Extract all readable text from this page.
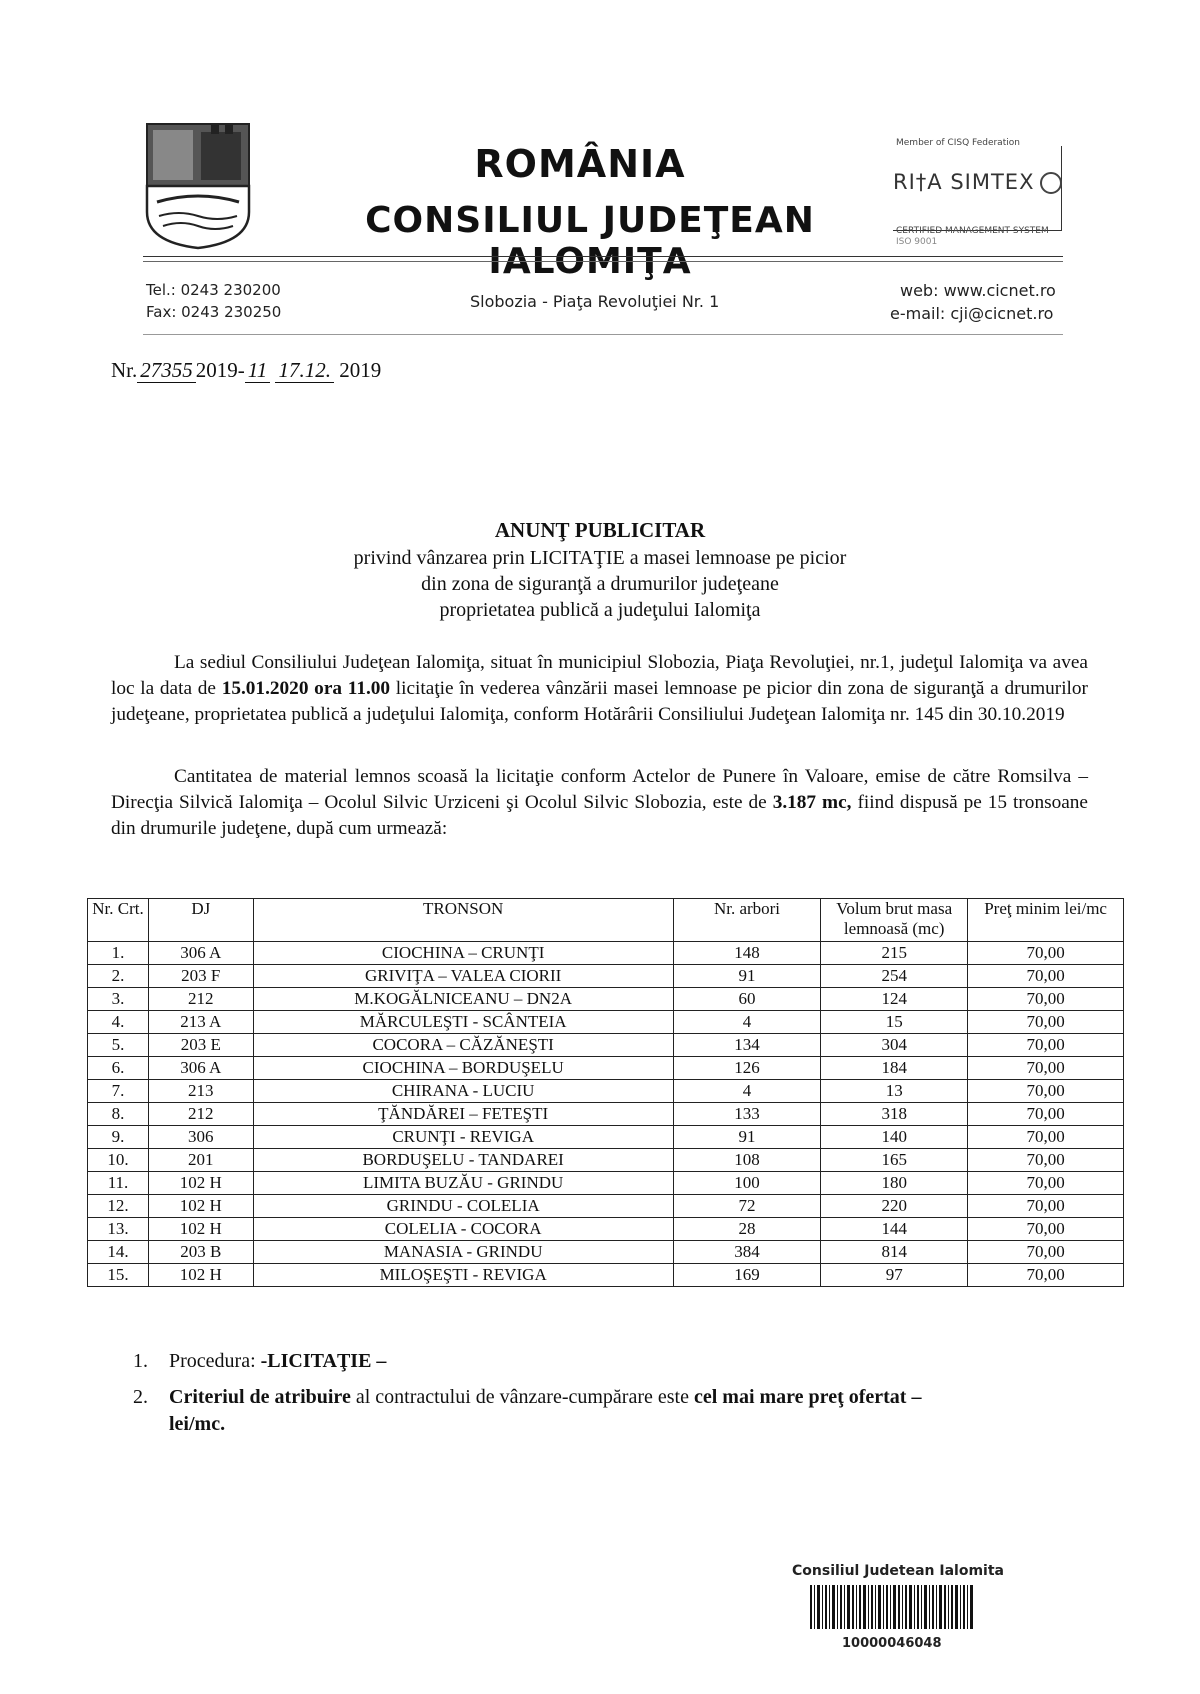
ROMÂNIA
CONSILIUL JUDEŢEAN IALOMIŢA
Member of CISQ Federation
RI†A SIMTEX
CERTIFIED MANAGEMENT SYSTEM
ISO 9001
Tel.: 0243 230200
Fax: 0243 230250
Slobozia - Piaţa Revoluţiei Nr. 1
web: www.cicnet.ro
e-mail: cji@cicnet.ro
Nr. 27355 2019- 11 17.12. 2019
ANUNŢ PUBLICITAR
privind vânzarea prin LICITAŢIE a masei lemnoase pe picior
din zona de siguranţă a drumurilor judeţeane
proprietatea publică a judeţului Ialomiţa
La sediul Consiliului Judeţean Ialomiţa, situat în municipiul Slobozia, Piaţa Revoluţiei, nr.1, judeţul Ialomiţa va avea loc la data de 15.01.2020 ora 11.00 licitaţie în vederea vânzării masei lemnoase pe picior din zona de siguranţă a drumurilor judeţeane, proprietatea publică a judeţului Ialomiţa, conform Hotărârii Consiliului Judeţean Ialomiţa nr. 145 din 30.10.2019
Cantitatea de material lemnos scoasă la licitaţie conform Actelor de Punere în Valoare, emise de către Romsilva – Direcţia Silvică Ialomiţa – Ocolul Silvic Urziceni şi Ocolul Silvic Slobozia, este de 3.187 mc, fiind dispusă pe 15 tronsoane din drumurile judeţene, după cum urmează:
Nr. Crt.	DJ	TRONSON	Nr. arbori	Volum brut masa lemnoasă (mc)	Preţ minim lei/mc
1.	306 A	CIOCHINA – CRUNŢI	148	215	70,00
2.	203 F	GRIVIŢA – VALEA CIORII	91	254	70,00
3.	212	M.KOGĂLNICEANU – DN2A	60	124	70,00
4.	213 A	MĂRCULEŞTI - SCÂNTEIA	4	15	70,00
5.	203 E	COCORA – CĂZĂNEŞTI	134	304	70,00
6.	306 A	CIOCHINA – BORDUŞELU	126	184	70,00
7.	213	CHIRANA - LUCIU	4	13	70,00
8.	212	ŢĂNDĂREI – FETEŞTI	133	318	70,00
9.	306	CRUNŢI - REVIGA	91	140	70,00
10.	201	BORDUŞELU - TANDAREI	108	165	70,00
11.	102 H	LIMITA BUZĂU - GRINDU	100	180	70,00
12.	102 H	GRINDU - COLELIA	72	220	70,00
13.	102 H	COLELIA - COCORA	28	144	70,00
14.	203 B	MANASIA - GRINDU	384	814	70,00
15.	102 H	MILOŞEŞTI - REVIGA	169	97	70,00
1. Procedura: -LICITAŢIE –
2. Criteriul de atribuire al contractului de vânzare-cumpărare este cel mai mare preţ ofertat –
lei/mc.
Consiliul Judetean Ialomita
10000046048
